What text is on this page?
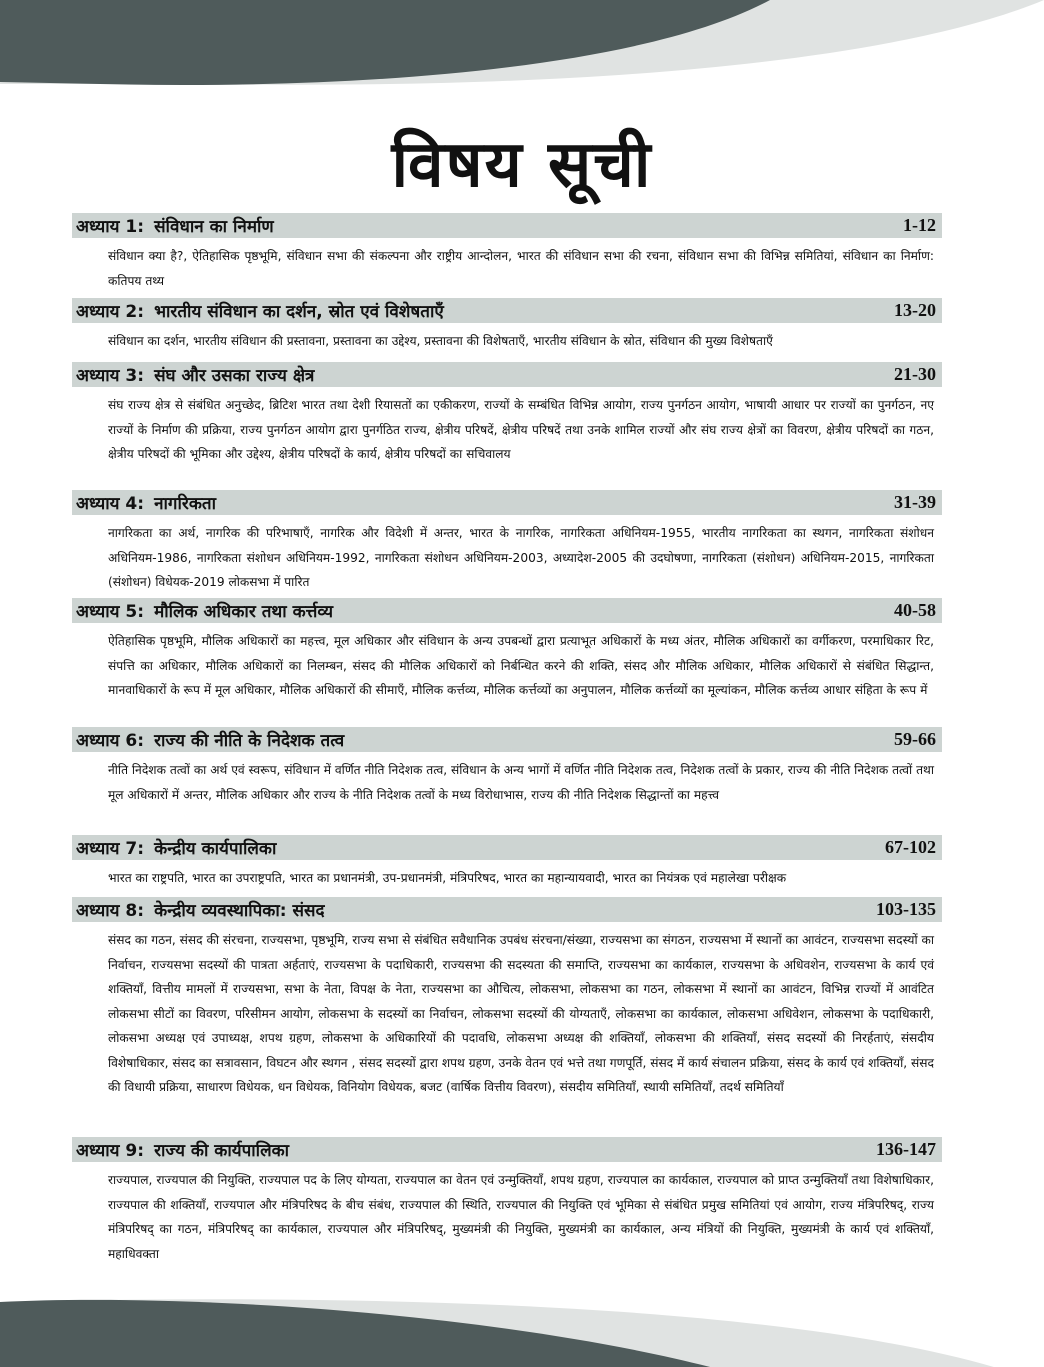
विषय सूची
अध्याय 1: संविधान का निर्माण	1-12
संविधान क्या है?, ऐतिहासिक पृष्ठभूमि, संविधान सभा की संकल्पना और राष्ट्रीय आन्दोलन, भारत की संविधान सभा की रचना, संविधान सभा की विभिन्न समितियां, संविधान का निर्माण: कतिपय तथ्य
अध्याय 2: भारतीय संविधान का दर्शन, स्रोत एवं विशेषताएँ	13-20
संविधान का दर्शन, भारतीय संविधान की प्रस्तावना, प्रस्तावना का उद्देश्य, प्रस्तावना की विशेषताएँ, भारतीय संविधान के स्रोत, संविधान की मुख्य विशेषताएँ
अध्याय 3: संघ और उसका राज्य क्षेत्र	21-30
संघ राज्य क्षेत्र से संबंधित अनुच्छेद, ब्रिटिश भारत तथा देशी रियासतों का एकीकरण, राज्यों के सम्बंधित विभिन्न आयोग, राज्य पुनर्गठन आयोग, भाषायी आधार पर राज्यों का पुनर्गठन, नए राज्यों के निर्माण की प्रक्रिया, राज्य पुनर्गठन आयोग द्वारा पुनर्गठित राज्य, क्षेत्रीय परिषदें, क्षेत्रीय परिषदें तथा उनके शामिल राज्यों और संघ राज्य क्षेत्रों का विवरण, क्षेत्रीय परिषदों का गठन, क्षेत्रीय परिषदों की भूमिका और उद्देश्य, क्षेत्रीय परिषदों के कार्य, क्षेत्रीय परिषदों का सचिवालय
अध्याय 4: नागरिकता	31-39
नागरिकता का अर्थ, नागरिक की परिभाषाएँ, नागरिक और विदेशी में अन्तर, भारत के नागरिक, नागरिकता अधिनियम-1955, भारतीय नागरिकता का स्थगन, नागरिकता संशोधन अधिनियम-1986, नागरिकता संशोधन अधिनियम-1992, नागरिकता संशोधन अधिनियम-2003, अध्यादेश-2005 की उदघोषणा, नागरिकता (संशोधन) अधिनियम-2015, नागरिकता (संशोधन) विधेयक-2019 लोकसभा में पारित
अध्याय 5: मौलिक अधिकार तथा कर्त्तव्य	40-58
ऐतिहासिक पृष्ठभूमि, मौलिक अधिकारों का महत्त्व, मूल अधिकार और संविधान के अन्य उपबन्धों द्वारा प्रत्याभूत अधिकारों के मध्य अंतर, मौलिक अधिकारों का वर्गीकरण, परमाधिकार रिट, संपत्ति का अधिकार, मौलिक अधिकारों का निलम्बन, संसद की मौलिक अधिकारों को निर्बन्धित करने की शक्ति, संसद और मौलिक अधिकार, मौलिक अधिकारों से संबंधित सिद्धान्त, मानवाधिकारों के रूप में मूल अधिकार, मौलिक अधिकारों की सीमाएँ, मौलिक कर्त्तव्य, मौलिक कर्त्तव्यों का अनुपालन, मौलिक कर्त्तव्यों का मूल्यांकन, मौलिक कर्त्तव्य आधार संहिता के रूप में
अध्याय 6: राज्य की नीति के निदेशक तत्व	59-66
नीति निदेशक तत्वों का अर्थ एवं स्वरूप, संविधान में वर्णित नीति निदेशक तत्व, संविधान के अन्य भागों में वर्णित नीति निदेशक तत्व, निदेशक तत्वों के प्रकार, राज्य की नीति निदेशक तत्वों तथा मूल अधिकारों में अन्तर, मौलिक अधिकार और राज्य के नीति निदेशक तत्वों के मध्य विरोधाभास, राज्य की नीति निदेशक सिद्धान्तों का महत्त्व
अध्याय 7: केन्द्रीय कार्यपालिका	67-102
भारत का राष्ट्रपति, भारत का उपराष्ट्रपति, भारत का प्रधानमंत्री, उप-प्रधानमंत्री, मंत्रिपरिषद, भारत का महान्यायवादी, भारत का नियंत्रक एवं महालेखा परीक्षक
अध्याय 8: केन्द्रीय व्यवस्थापिका: संसद	103-135
संसद का गठन, संसद की संरचना, राज्यसभा, पृष्ठभूमि, राज्य सभा से संबंधित सवैधानिक उपबंध संरचना/संख्या, राज्यसभा का संगठन, राज्यसभा में स्थानों का आवंटन, राज्यसभा सदस्यों का निर्वाचन, राज्यसभा सदस्यों की पात्रता अर्हताएं, राज्यसभा के पदाधिकारी, राज्यसभा की सदस्यता की समाप्ति, राज्यसभा का कार्यकाल, राज्यसभा के अधिवशेन, राज्यसभा के कार्य एवं शक्तियाँ, वित्तीय मामलों में राज्यसभा, सभा के नेता, विपक्ष के नेता, राज्यसभा का औचित्य, लोकसभा, लोकसभा का गठन, लोकसभा में स्थानों का आवंटन, विभिन्न राज्यों में आवंटित लोकसभा सीटों का विवरण, परिसीमन आयोग, लोकसभा के सदस्यों का निर्वाचन, लोकसभा सदस्यों की योग्यताएँ, लोकसभा का कार्यकाल, लोकसभा अधिवेशन, लोकसभा के पदाधिकारी, लोकसभा अध्यक्ष एवं उपाध्यक्ष, शपथ ग्रहण, लोकसभा के अधिकारियों की पदावधि, लोकसभा अध्यक्ष की शक्तियाँ, लोकसभा की शक्तियाँ, संसद सदस्यों की निरर्हताएं, संसदीय विशेषाधिकार, संसद का सत्रावसान, विघटन और स्थगन , संसद सदस्यों द्वारा शपथ ग्रहण, उनके वेतन एवं भत्ते तथा गणपूर्ति, संसद में कार्य संचालन प्रक्रिया, संसद के कार्य एवं शक्तियाँ, संसद की विधायी प्रक्रिया, साधारण विधेयक, धन विधेयक, विनियोग विधेयक, बजट (वार्षिक वित्तीय विवरण), संसदीय समितियाँ, स्थायी समितियाँ, तदर्थ समितियाँ
अध्याय 9: राज्य की कार्यपालिका	136-147
राज्यपाल, राज्यपाल की नियुक्ति, राज्यपाल पद के लिए योग्यता, राज्यपाल का वेतन एवं उन्मुक्तियाँ, शपथ ग्रहण, राज्यपाल का कार्यकाल, राज्यपाल को प्राप्त उन्मुक्तियाँ तथा विशेषाधिकार, राज्यपाल की शक्तियाँ, राज्यपाल और मंत्रिपरिषद के बीच संबंध, राज्यपाल की स्थिति, राज्यपाल की नियुक्ति एवं भूमिका से संबंधित प्रमुख समितियां एवं आयोग, राज्य मंत्रिपरिषद्, राज्य मंत्रिपरिषद् का गठन, मंत्रिपरिषद् का कार्यकाल, राज्यपाल और मंत्रिपरिषद्, मुख्यमंत्री की नियुक्ति, मुख्यमंत्री का कार्यकाल, अन्य मंत्रियों की नियुक्ति, मुख्यमंत्री के कार्य एवं शक्तियाँ, महाधिवक्ता
